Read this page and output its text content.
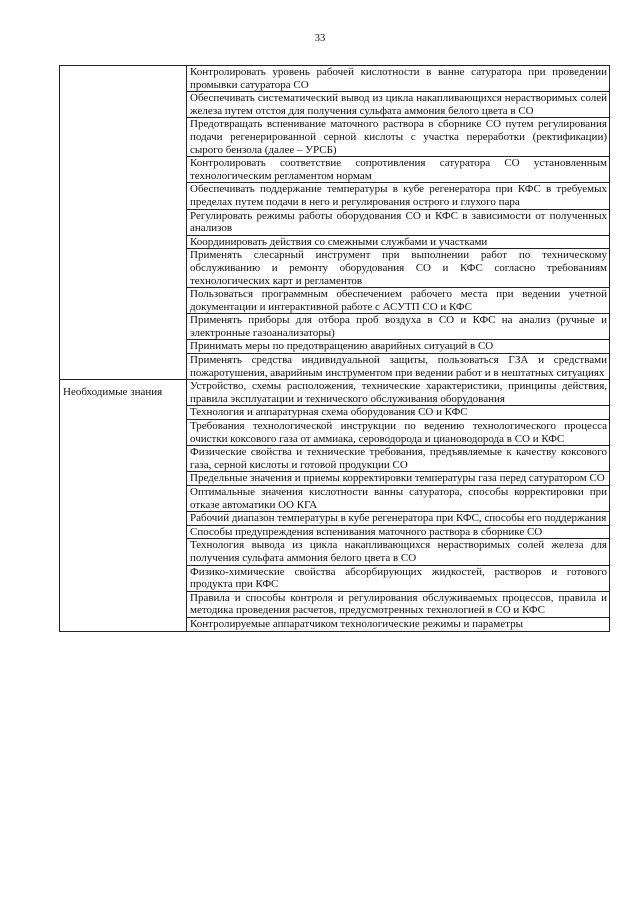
33
	Контролировать уровень рабочей кислотности в ванне сатуратора при проведении промывки сатуратора СО
	Обеспечивать систематический вывод из цикла накапливающихся нерастворимых солей железа путем отстоя для получения сульфата аммония белого цвета в СО
	Предотвращать вспенивание маточного раствора в сборнике СО путем регулирования подачи регенерированной серной кислоты с участка переработки (ректификации) сырого бензола (далее – УРСБ)
	Контролировать соответствие сопротивления сатуратора СО установленным технологическим регламентом нормам
	Обеспечивать поддержание температуры в кубе регенератора при КФС в требуемых пределах путем подачи в него и регулирования острого и глухого пара
	Регулировать режимы работы оборудования СО и КФС в зависимости от полученных анализов
	Координировать действия со смежными службами и участками
	Применять слесарный инструмент при выполнении работ по техническому обслуживанию и ремонту оборудования СО и КФС согласно требованиям технологических карт и регламентов
	Пользоваться программным обеспечением рабочего места при ведении учетной документации и интерактивной работе с АСУТП СО и КФС
	Применять приборы для отбора проб воздуха в СО и КФС на анализ (ручные и электронные газоанализаторы)
	Принимать меры по предотвращению аварийных ситуаций в СО
	Применять средства индивидуальной защиты, пользоваться ГЗА и средствами пожаротушения, аварийным инструментом при ведении работ и в нештатных ситуациях
Необходимые знания	Устройство, схемы расположения, технические характеристики, принципы действия, правила эксплуатации и технического обслуживания оборудования
	Технология и аппаратурная схема оборудования СО и КФС
	Требования технологической инструкции по ведению технологического процесса очистки коксового газа от аммиака, сероводорода и циановодорода в СО и КФС
	Физические свойства и технические требования, предъявляемые к качеству коксового газа, серной кислоты и готовой продукции СО
	Предельные значения и приемы корректировки температуры газа перед сатуратором СО
	Оптимальные значения кислотности ванны сатуратора, способы корректировки при отказе автоматики ОО КГА
	Рабочий диапазон температуры в кубе регенератора при КФС, способы его поддержания
	Способы предупреждения вспенивания маточного раствора в сборнике СО
	Технология вывода из цикла накапливающихся нерастворимых солей железа для получения сульфата аммония белого цвета в СО
	Физико-химические свойства абсорбирующих жидкостей, растворов и готового продукта при КФС
	Правила и способы контроля и регулирования обслуживаемых процессов, правила и методика проведения расчетов, предусмотренных технологией в СО и КФС
	Контролируемые аппаратчиком технологические режимы и параметры
